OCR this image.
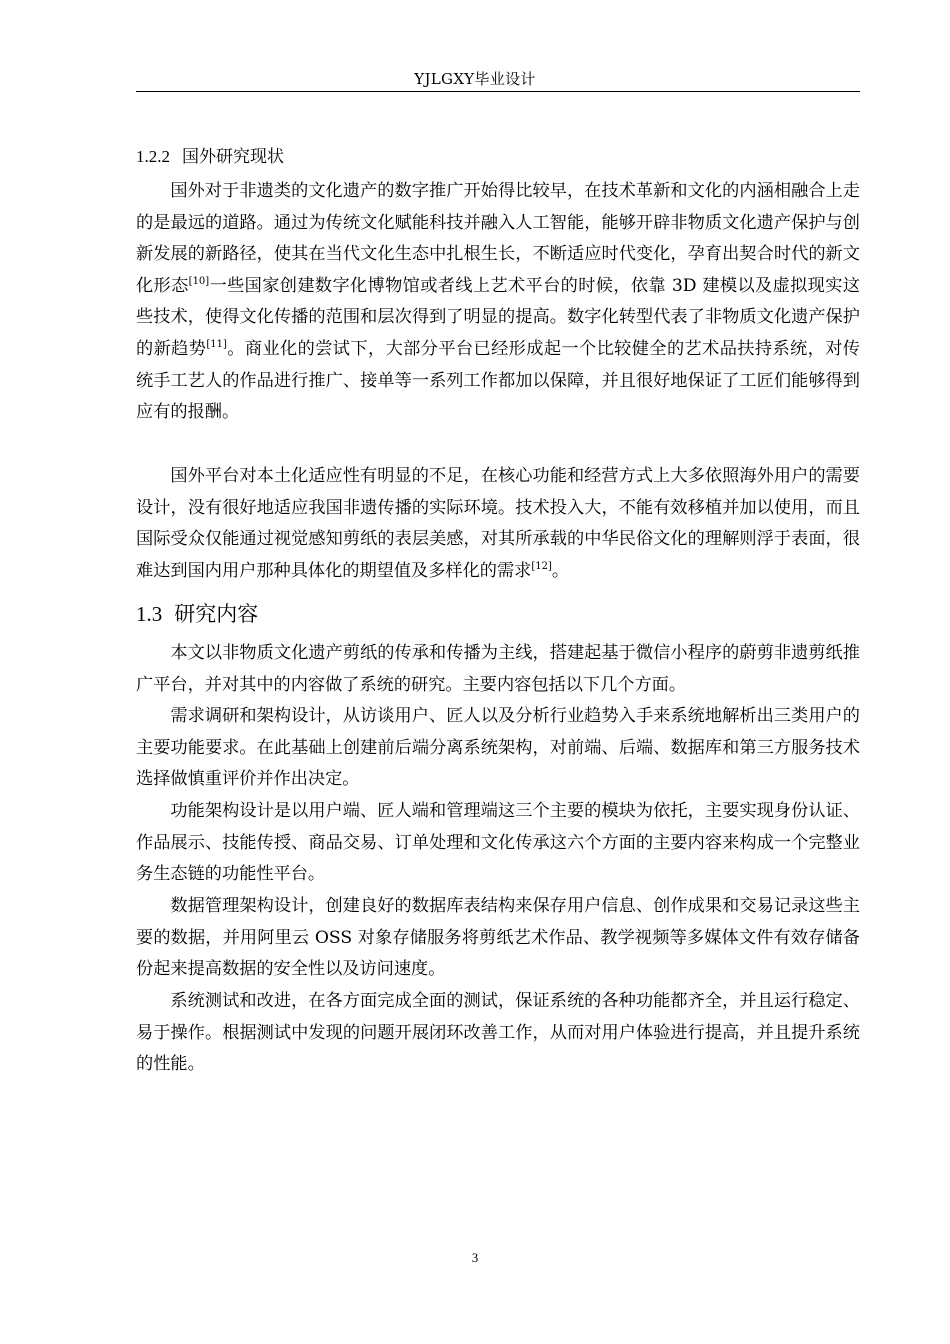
YJLGXY毕业设计
1.2.2 国外研究现状

国外对于非遗类的文化遗产的数字推广开始得比较早，在技术革新和文化的内涵相融合上走的是最远的道路。通过为传统文化赋能科技并融入人工智能，能够开辟非物质文化遗产保护与创新发展的新路径，使其在当代文化生态中扎根生长，不断适应时代变化，孕育出契合时代的新文化形态[10]一些国家创建数字化博物馆或者线上艺术平台的时候，依靠 3D 建模以及虚拟现实这些技术，使得文化传播的范围和层次得到了明显的提高。数字化转型代表了非物质文化遗产保护的新趋势[11]。商业化的尝试下，大部分平台已经形成起一个比较健全的艺术品扶持系统，对传统手工艺人的作品进行推广、接单等一系列工作都加以保障，并且很好地保证了工匠们能够得到应有的报酬。

国外平台对本土化适应性有明显的不足，在核心功能和经营方式上大多依照海外用户的需要设计，没有很好地适应我国非遗传播的实际环境。技术投入大，不能有效移植并加以使用，而且国际受众仅能通过视觉感知剪纸的表层美感，对其所承载的中华民俗文化的理解则浮于表面，很难达到国内用户那种具体化的期望值及多样化的需求[12]。

1.3 研究内容

本文以非物质文化遗产剪纸的传承和传播为主线，搭建起基于微信小程序的蔚剪非遗剪纸推广平台，并对其中的内容做了系统的研究。主要内容包括以下几个方面。

需求调研和架构设计，从访谈用户、匠人以及分析行业趋势入手来系统地解析出三类用户的主要功能要求。在此基础上创建前后端分离系统架构，对前端、后端、数据库和第三方服务技术选择做慎重评价并作出决定。

功能架构设计是以用户端、匠人端和管理端这三个主要的模块为依托，主要实现身份认证、作品展示、技能传授、商品交易、订单处理和文化传承这六个方面的主要内容来构成一个完整业务生态链的功能性平台。

数据管理架构设计，创建良好的数据库表结构来保存用户信息、创作成果和交易记录这些主要的数据，并用阿里云 OSS 对象存储服务将剪纸艺术作品、教学视频等多媒体文件有效存储备份起来提高数据的安全性以及访问速度。

系统测试和改进，在各方面完成全面的测试，保证系统的各种功能都齐全，并且运行稳定、易于操作。根据测试中发现的问题开展闭环改善工作，从而对用户体验进行提高，并且提升系统的性能。

3
